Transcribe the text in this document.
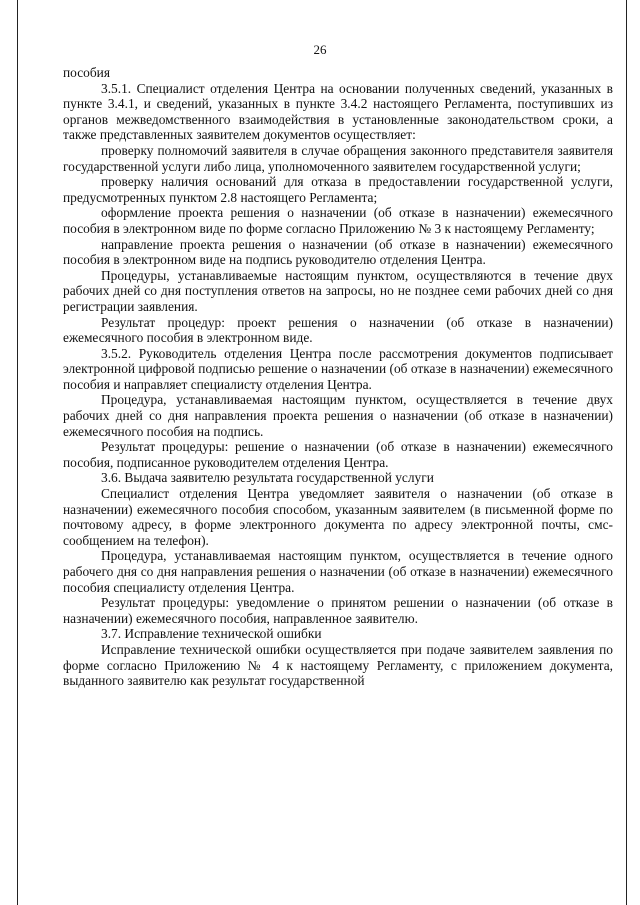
26

пособия

3.5.1. Специалист отделения Центра на основании полученных сведений, указанных в пункте 3.4.1, и сведений, указанных в пункте 3.4.2 настоящего Регламента, поступивших из органов межведомственного взаимодействия в установленные законодательством сроки, а также представленных заявителем документов осуществляет:

проверку полномочий заявителя в случае обращения законного представителя заявителя государственной услуги либо лица, уполномоченного заявителем государственной услуги;

проверку наличия оснований для отказа в предоставлении государственной услуги, предусмотренных пунктом 2.8 настоящего Регламента;

оформление проекта решения о назначении (об отказе в назначении) ежемесячного пособия в электронном виде по форме согласно Приложению № 3 к настоящему Регламенту;

направление проекта решения о назначении (об отказе в назначении) ежемесячного пособия в электронном виде на подпись руководителю отделения Центра.

Процедуры, устанавливаемые настоящим пунктом, осуществляются в течение двух рабочих дней со дня поступления ответов на запросы, но не позднее семи рабочих дней со дня регистрации заявления.

Результат процедур: проект решения о назначении (об отказе в назначении) ежемесячного пособия в электронном виде.

3.5.2. Руководитель отделения Центра после рассмотрения документов подписывает электронной цифровой подписью решение о назначении (об отказе в назначении) ежемесячного пособия и направляет специалисту отделения Центра.

Процедура, устанавливаемая настоящим пунктом, осуществляется в течение двух рабочих дней со дня направления проекта решения о назначении (об отказе в назначении) ежемесячного пособия на подпись.

Результат процедуры: решение о назначении (об отказе в назначении) ежемесячного пособия, подписанное руководителем отделения Центра.

3.6. Выдача заявителю результата государственной услуги

Специалист отделения Центра уведомляет заявителя о назначении (об отказе в назначении) ежемесячного пособия способом, указанным заявителем (в письменной форме по почтовому адресу, в форме электронного документа по адресу электронной почты, смс-сообщением на телефон).

Процедура, устанавливаемая настоящим пунктом, осуществляется в течение одного рабочего дня со дня направления решения о назначении (об отказе в назначении) ежемесячного пособия специалисту отделения Центра.

Результат процедуры: уведомление о принятом решении о назначении (об отказе в назначении) ежемесячного пособия, направленное заявителю.

3.7. Исправление технической ошибки

Исправление технической ошибки осуществляется при подаче заявителем заявления по форме согласно Приложению № 4 к настоящему Регламенту, с приложением документа, выданного заявителю как результат государственной
